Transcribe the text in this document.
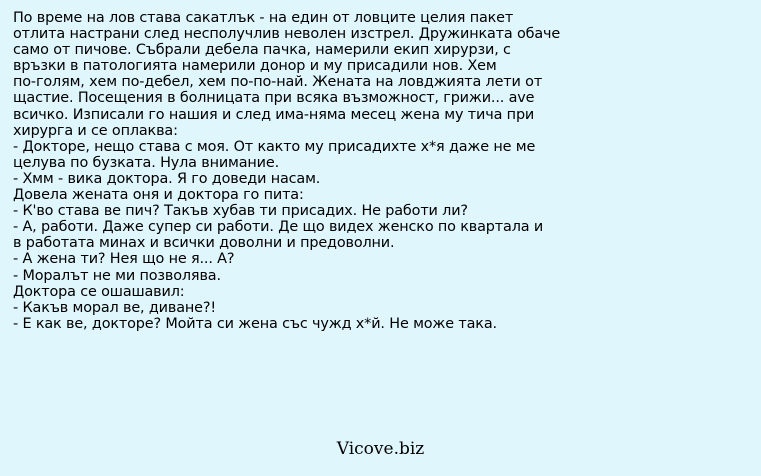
По време на лов става сакатлък - на един от ловците целия пакет
отлита настрани след несполучлив неволен изстрел. Дружинката обаче
само от пичове. Събрали дебела пачка, намерили екип хирурзи, с
връзки в патологията намерили донор и му присадили нов. Хем
по-голям, хем по-дебел, хем по-по-най. Жената на ловджията лети от
щастие. Посещения в болницата при всяка възможност, грижи... ave
всичко. Изписали го нашия и след има-няма месец жена му тича при
хирурга и се оплаква:
- Докторе, нещо става с моя. От както му присадихте х*я даже не ме
целува по бузката. Нула внимание.
- Хмм - вика доктора. Я го доведи насам.
Довела жената оня и доктора го пита:
- К'во става ве пич? Такъв хубав ти присадих. Не работи ли?
- А, работи. Даже супер си работи. Де що видех женско по квартала и
в работата минах и всички доволни и предоволни.
- А жена ти? Нея що не я... А?
- Моралът не ми позволява.
Доктора се ошашавил:
- Какъв морал ве, диване?!
- Е как ве, докторе? Мойта си жена със чужд х*й. Не може така.
Vicove.biz
